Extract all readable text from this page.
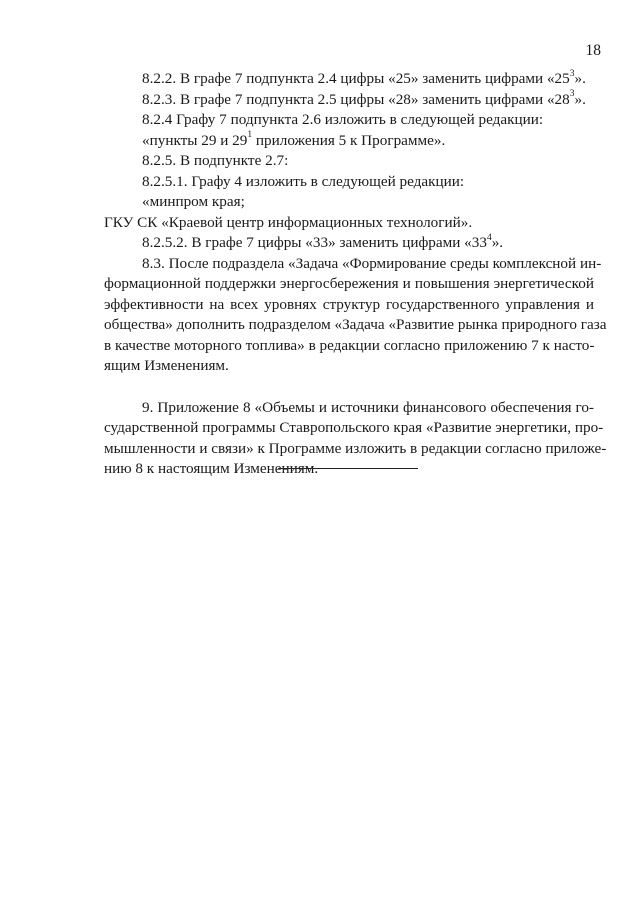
18
8.2.2. В графе 7 подпункта 2.4 цифры «25» заменить цифрами «$25^3$».
8.2.3. В графе 7 подпункта 2.5 цифры «28» заменить цифрами «$28^3$».
8.2.4 Графу 7 подпункта 2.6 изложить в следующей редакции:
«пункты 29 и $29^1$ приложения 5 к Программе».
8.2.5. В подпункте 2.7:
8.2.5.1. Графу 4 изложить в следующей редакции:
«минпром края;
ГКУ СК «Краевой центр информационных технологий».
8.2.5.2. В графе 7 цифры «33» заменить цифрами «$33^4$».
8.3. После подраздела «Задача «Формирование среды комплексной ин-
формационной поддержки энергосбережения и повышения энергетической
эффективности на всех уровнях структур государственного управления и
общества» дополнить подразделом «Задача «Развитие рынка природного газа
в качестве моторного топлива» в редакции согласно приложению 7 к насто-
ящим Изменениям.
9. Приложение 8 «Объемы и источники финансового обеспечения го-
сударственной программы Ставропольского края «Развитие энергетики, про-
мышленности и связи» к Программе изложить в редакции согласно приложе-
нию 8 к настоящим Изменениям.
